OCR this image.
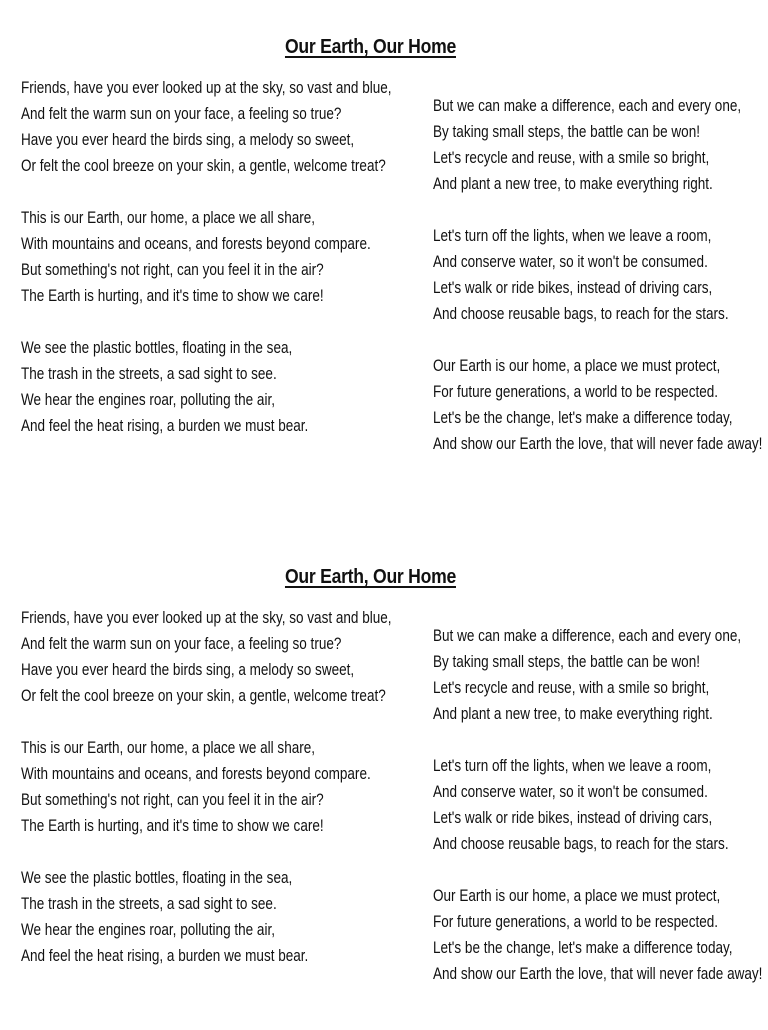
Our Earth, Our Home
Friends, have you ever looked up at the sky, so vast and blue,
And felt the warm sun on your face, a feeling so true?
Have you ever heard the birds sing, a melody so sweet,
Or felt the cool breeze on your skin, a gentle, welcome treat?
This is our Earth, our home, a place we all share,
With mountains and oceans, and forests beyond compare.
But something's not right, can you feel it in the air?
The Earth is hurting, and it's time to show we care!
We see the plastic bottles, floating in the sea,
The trash in the streets, a sad sight to see.
We hear the engines roar, polluting the air,
And feel the heat rising, a burden we must bear.
But we can make a difference, each and every one,
By taking small steps, the battle can be won!
Let's recycle and reuse, with a smile so bright,
And plant a new tree, to make everything right.
Let's turn off the lights, when we leave a room,
And conserve water, so it won't be consumed.
Let's walk or ride bikes, instead of driving cars,
And choose reusable bags, to reach for the stars.
Our Earth is our home, a place we must protect,
For future generations, a world to be respected.
Let's be the change, let's make a difference today,
And show our Earth the love, that will never fade away!
Our Earth, Our Home
Friends, have you ever looked up at the sky, so vast and blue,
And felt the warm sun on your face, a feeling so true?
Have you ever heard the birds sing, a melody so sweet,
Or felt the cool breeze on your skin, a gentle, welcome treat?
This is our Earth, our home, a place we all share,
With mountains and oceans, and forests beyond compare.
But something's not right, can you feel it in the air?
The Earth is hurting, and it's time to show we care!
We see the plastic bottles, floating in the sea,
The trash in the streets, a sad sight to see.
We hear the engines roar, polluting the air,
And feel the heat rising, a burden we must bear.
But we can make a difference, each and every one,
By taking small steps, the battle can be won!
Let's recycle and reuse, with a smile so bright,
And plant a new tree, to make everything right.
Let's turn off the lights, when we leave a room,
And conserve water, so it won't be consumed.
Let's walk or ride bikes, instead of driving cars,
And choose reusable bags, to reach for the stars.
Our Earth is our home, a place we must protect,
For future generations, a world to be respected.
Let's be the change, let's make a difference today,
And show our Earth the love, that will never fade away!
